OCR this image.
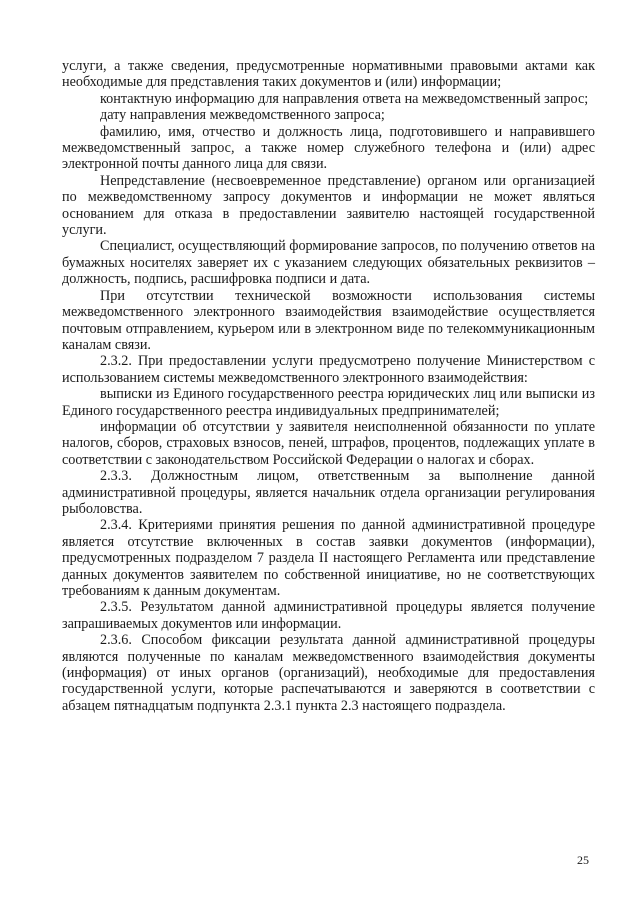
услуги, а также сведения, предусмотренные нормативными правовыми актами как необходимые для представления таких документов и (или) информации;

контактную информацию для направления ответа на межведомственный запрос;

дату направления межведомственного запроса;

фамилию, имя, отчество и должность лица, подготовившего и направившего межведомственный запрос, а также номер служебного телефона и (или) адрес электронной почты данного лица для связи.

Непредставление (несвоевременное представление) органом или организацией по межведомственному запросу документов и информации не может являться основанием для отказа в предоставлении заявителю настоящей государственной услуги.

Специалист, осуществляющий формирование запросов, по получению ответов на бумажных носителях заверяет их с указанием следующих обязательных реквизитов – должность, подпись, расшифровка подписи и дата.

При отсутствии технической возможности использования системы межведомственного электронного взаимодействия взаимодействие осуществляется почтовым отправлением, курьером или в электронном виде по телекоммуникационным каналам связи.

2.3.2. При предоставлении услуги предусмотрено получение Министерством с использованием системы межведомственного электронного взаимодействия:

выписки из Единого государственного реестра юридических лиц или выписки из Единого государственного реестра индивидуальных предпринимателей;

информации об отсутствии у заявителя неисполненной обязанности по уплате налогов, сборов, страховых взносов, пеней, штрафов, процентов, подлежащих уплате в соответствии с законодательством Российской Федерации о налогах и сборах.

2.3.3. Должностным лицом, ответственным за выполнение данной административной процедуры, является начальник отдела организации регулирования рыболовства.

2.3.4. Критериями принятия решения по данной административной процедуре является отсутствие включенных в состав заявки документов (информации), предусмотренных подразделом 7 раздела II настоящего Регламента или представление данных документов заявителем по собственной инициативе, но не соответствующих требованиям к данным документам.

2.3.5. Результатом данной административной процедуры является получение запрашиваемых документов или информации.

2.3.6. Способом фиксации результата данной административной процедуры являются полученные по каналам межведомственного взаимодействия документы (информация) от иных органов (организаций), необходимые для предоставления государственной услуги, которые распечатываются и заверяются в соответствии с абзацем пятнадцатым подпункта 2.3.1 пункта 2.3 настоящего подраздела.

25
